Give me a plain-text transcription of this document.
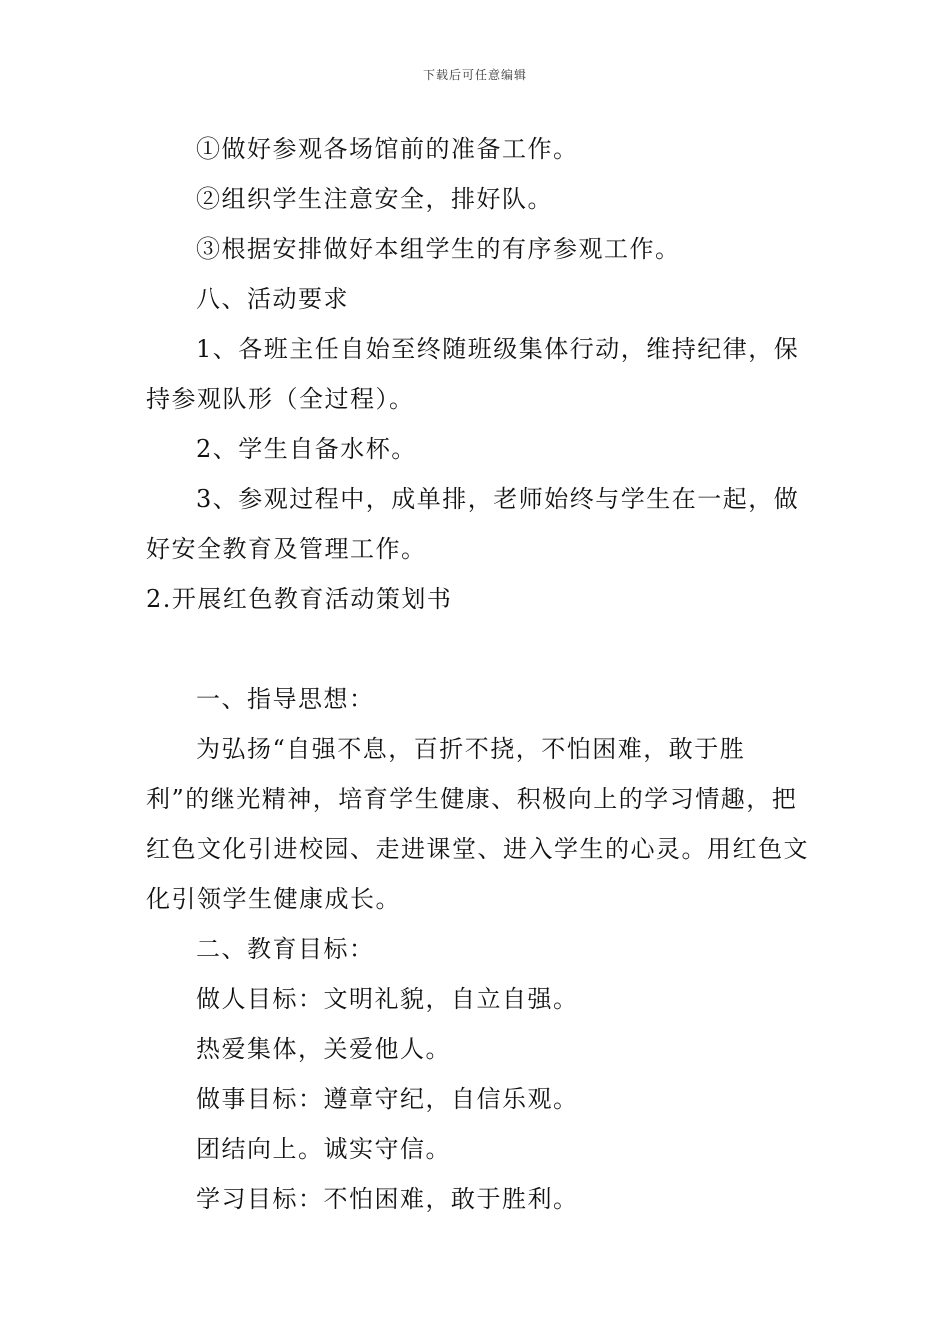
下载后可任意编辑

①做好参观各场馆前的准备工作。

②组织学生注意安全，排好队。

③根据安排做好本组学生的有序参观工作。

八、活动要求

1、各班主任自始至终随班级集体行动，维持纪律，保持参观队形（全过程）。

2、学生自备水杯。

3、参观过程中，成单排，老师始终与学生在一起，做好安全教育及管理工作。

2.开展红色教育活动策划书

一、指导思想：

为弘扬“自强不息，百折不挠，不怕困难，敢于胜利”的继光精神，培育学生健康、积极向上的学习情趣，把红色文化引进校园、走进课堂、进入学生的心灵。用红色文化引领学生健康成长。

二、教育目标：

做人目标：文明礼貌，自立自强。

热爱集体，关爱他人。

做事目标：遵章守纪，自信乐观。

团结向上。诚实守信。

学习目标：不怕困难，敢于胜利。
